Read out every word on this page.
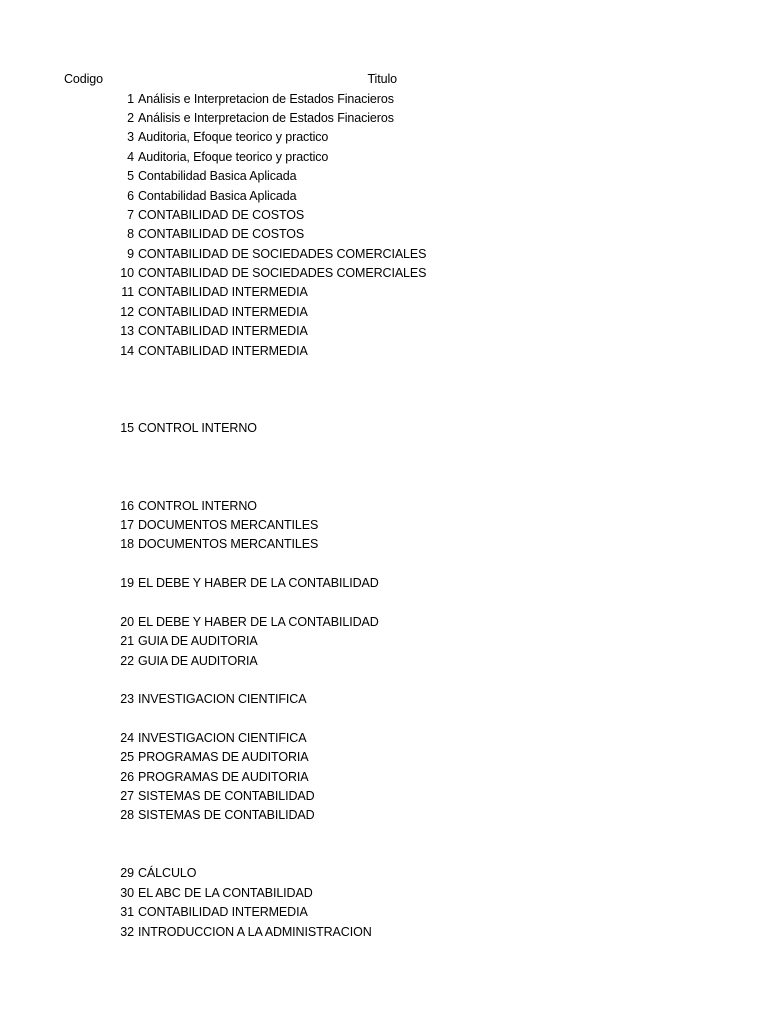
Codigo	Titulo
1 Análisis e Interpretacion de Estados Finacieros
2 Análisis e Interpretacion de Estados Finacieros
3 Auditoria, Efoque teorico y practico
4 Auditoria, Efoque teorico y practico
5 Contabilidad Basica Aplicada
6 Contabilidad Basica Aplicada
7 CONTABILIDAD DE COSTOS
8 CONTABILIDAD DE COSTOS
9 CONTABILIDAD DE SOCIEDADES COMERCIALES
10 CONTABILIDAD DE SOCIEDADES COMERCIALES
11 CONTABILIDAD INTERMEDIA
12 CONTABILIDAD INTERMEDIA
13 CONTABILIDAD INTERMEDIA
14 CONTABILIDAD INTERMEDIA
15 CONTROL INTERNO
16 CONTROL INTERNO
17 DOCUMENTOS MERCANTILES
18 DOCUMENTOS MERCANTILES
19 EL DEBE Y HABER DE LA CONTABILIDAD
20 EL DEBE Y HABER DE LA CONTABILIDAD
21 GUIA DE AUDITORIA
22 GUIA DE AUDITORIA
23 INVESTIGACION CIENTIFICA
24 INVESTIGACION CIENTIFICA
25 PROGRAMAS DE AUDITORIA
26 PROGRAMAS DE AUDITORIA
27 SISTEMAS DE CONTABILIDAD
28 SISTEMAS DE CONTABILIDAD
29 CÁLCULO
30 EL ABC DE LA CONTABILIDAD
31 CONTABILIDAD INTERMEDIA
32 INTRODUCCION A LA ADMINISTRACION
